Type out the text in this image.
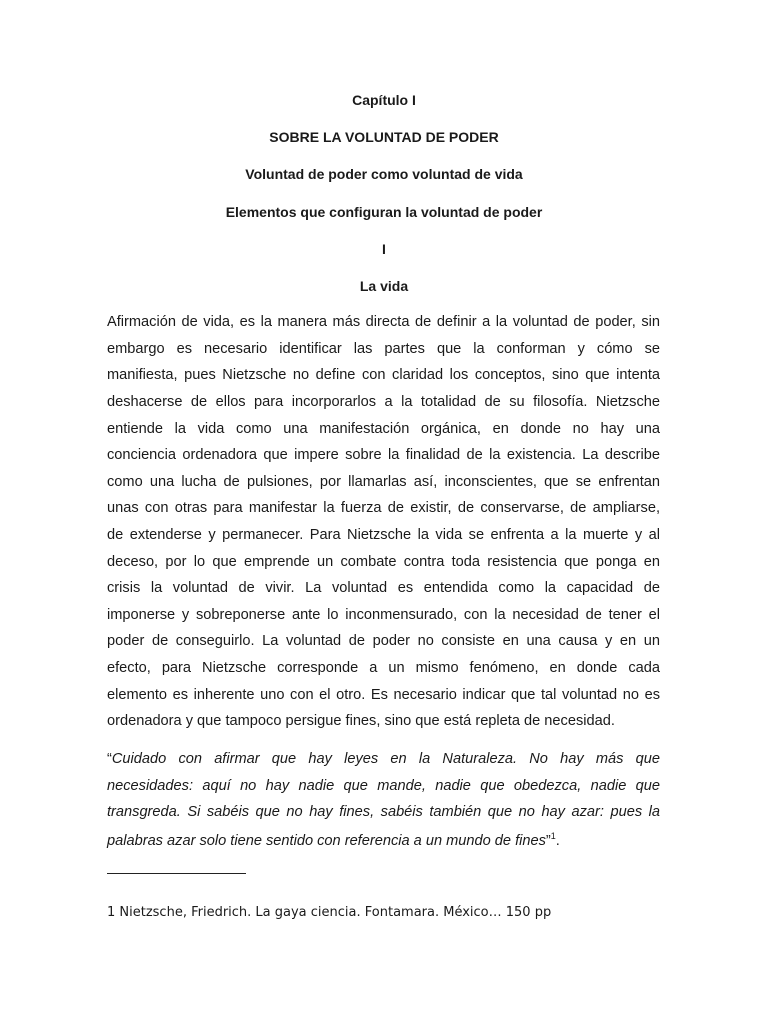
Capítulo I

SOBRE LA VOLUNTAD DE PODER

Voluntad de poder como voluntad de vida

Elementos que configuran la voluntad de poder

I

La vida

Afirmación de vida, es la manera más directa de definir a la voluntad de poder, sin

embargo es necesario identificar las partes que la conforman y cómo se

manifiesta, pues Nietzsche no define con claridad los conceptos, sino que intenta

deshacerse de ellos para incorporarlos a la totalidad de su filosofía. Nietzsche

entiende la vida como una manifestación orgánica, en donde no hay una

conciencia ordenadora que impere sobre la finalidad de la existencia. La describe

como una lucha de pulsiones, por llamarlas así, inconscientes, que se enfrentan

unas con otras para manifestar la fuerza de existir, de conservarse, de ampliarse,

de extenderse y permanecer. Para Nietzsche la vida se enfrenta a la muerte y al

deceso, por lo que emprende un combate contra toda resistencia que ponga en

crisis la voluntad de vivir. La voluntad es entendida como la capacidad de

imponerse y sobreponerse ante lo inconmensurado, con la necesidad de tener el

poder de conseguirlo. La voluntad de poder no consiste en una causa y en un

efecto, para Nietzsche corresponde a un mismo fenómeno, en donde cada

elemento es inherente uno con el otro. Es necesario indicar que tal voluntad no es

ordenadora y que tampoco persigue fines, sino que está repleta de necesidad.

“Cuidado con afirmar que hay leyes en la Naturaleza. No hay más que

necesidades: aquí no hay nadie que mande, nadie que obedezca, nadie que

transgreda. Si sabéis que no hay fines, sabéis también que no hay azar: pues la

palabras azar solo tiene sentido con referencia a un mundo de fines”$^1$.

1 Nietzsche, Friedrich. La gaya ciencia. Fontamara. México… 150 pp
